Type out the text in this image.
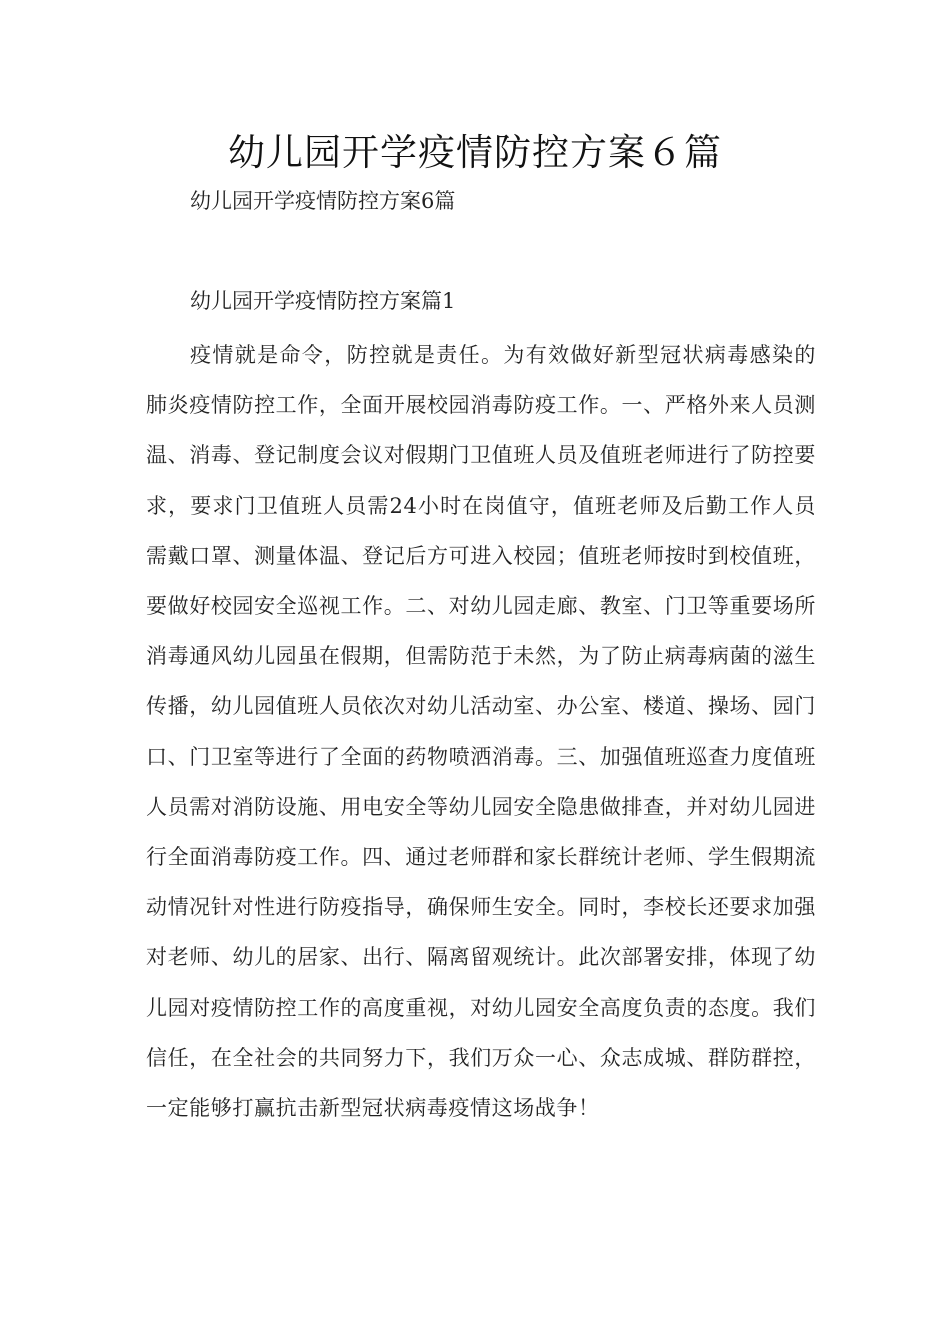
幼儿园开学疫情防控方案６篇

幼儿园开学疫情防控方案6篇

幼儿园开学疫情防控方案篇1

疫情就是命令，防控就是责任。为有效做好新型冠状病毒感染的肺炎疫情防控工作，全面开展校园消毒防疫工作。一、严格外来人员测温、消毒、登记制度会议对假期门卫值班人员及值班老师进行了防控要求，要求门卫值班人员需24小时在岗值守，值班老师及后勤工作人员需戴口罩、测量体温、登记后方可进入校园；值班老师按时到校值班，要做好校园安全巡视工作。二、对幼儿园走廊、教室、门卫等重要场所消毒通风幼儿园虽在假期，但需防范于未然，为了防止病毒病菌的滋生传播，幼儿园值班人员依次对幼儿活动室、办公室、楼道、操场、园门口、门卫室等进行了全面的药物喷洒消毒。三、加强值班巡查力度值班人员需对消防设施、用电安全等幼儿园安全隐患做排查，并对幼儿园进行全面消毒防疫工作。四、通过老师群和家长群统计老师、学生假期流动情况针对性进行防疫指导，确保师生安全。同时，李校长还要求加强对老师、幼儿的居家、出行、隔离留观统计。此次部署安排，体现了幼儿园对疫情防控工作的高度重视，对幼儿园安全高度负责的态度。我们信任，在全社会的共同努力下，我们万众一心、众志成城、群防群控，一定能够打赢抗击新型冠状病毒疫情这场战争！
